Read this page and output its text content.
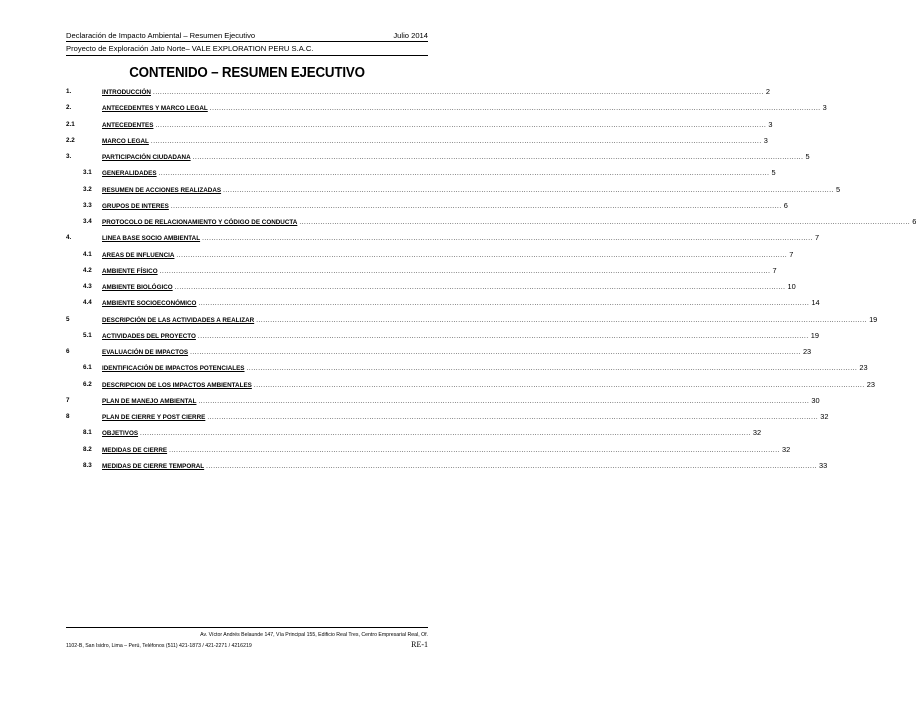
Declaración de Impacto Ambiental – Resumen Ejecutivo	Julio 2014
Proyecto de Exploración Jato Norte– VALE EXPLORATION PERU S.A.C.
CONTENIDO – RESUMEN EJECUTIVO
1.	INTRODUCCIÓN .................................................................................................................................................................................................................................................................... 2
2.	ANTECEDENTES Y MARCO LEGAL .................................................................................................................................................................................................................................................................... 3
2.1	ANTECEDENTES .................................................................................................................................................................................................................................................................... 3
2.2	MARCO LEGAL .................................................................................................................................................................................................................................................................... 3
3.	PARTICIPACIÓN CIUDADANA .................................................................................................................................................................................................................................................................... 5
3.1 GENERALIDADES .................................................................................................................................................................................................................................................................... 5
3.2 RESUMEN DE ACCIONES REALIZADAS .................................................................................................................................................................................................................................................................... 5
3.3 GRUPOS DE INTERES .................................................................................................................................................................................................................................................................... 6
3.4 PROTOCOLO DE RELACIONAMIENTO Y CÓDIGO DE CONDUCTA .................................................................................................................................................................................................................................................................... 6
4.	LINEA BASE SOCIO AMBIENTAL .................................................................................................................................................................................................................................................................... 7
4.1 AREAS DE INFLUENCIA .................................................................................................................................................................................................................................................................... 7
4.2 AMBIENTE FÍSICO .................................................................................................................................................................................................................................................................... 7
4.3 AMBIENTE BIOLÓGICO .................................................................................................................................................................................................................................................................... 10
4.4 AMBIENTE SOCIOECONÓMICO .................................................................................................................................................................................................................................................................... 14
5	DESCRIPCIÓN DE LAS ACTIVIDADES A REALIZAR .................................................................................................................................................................................................................................................................... 19
5.1 ACTIVIDADES DEL PROYECTO .................................................................................................................................................................................................................................................................... 19
6	EVALUACIÓN DE IMPACTOS .................................................................................................................................................................................................................................................................... 23
6.1 IDENTIFICACIÓN DE IMPACTOS POTENCIALES .................................................................................................................................................................................................................................................................... 23
6.2 DESCRIPCION DE LOS IMPACTOS AMBIENTALES .................................................................................................................................................................................................................................................................... 23
7	PLAN DE MANEJO AMBIENTAL .................................................................................................................................................................................................................................................................... 30
8	PLAN DE CIERRE Y POST CIERRE .................................................................................................................................................................................................................................................................... 32
8.1 OBJETIVOS .................................................................................................................................................................................................................................................................... 32
8.2 MEDIDAS DE CIERRE .................................................................................................................................................................................................................................................................... 32
8.3 MEDIDAS DE CIERRE TEMPORAL .................................................................................................................................................................................................................................................................... 33
Av. Víctor Andrés Belaunde 147, Vía Principal 155, Edificio Real Tres, Centro Empresarial Real, Of.
1102-B, San Isidro, Lima – Perú, Teléfonos (511) 421-1873 / 421-2271 / 4216219	RE-1
